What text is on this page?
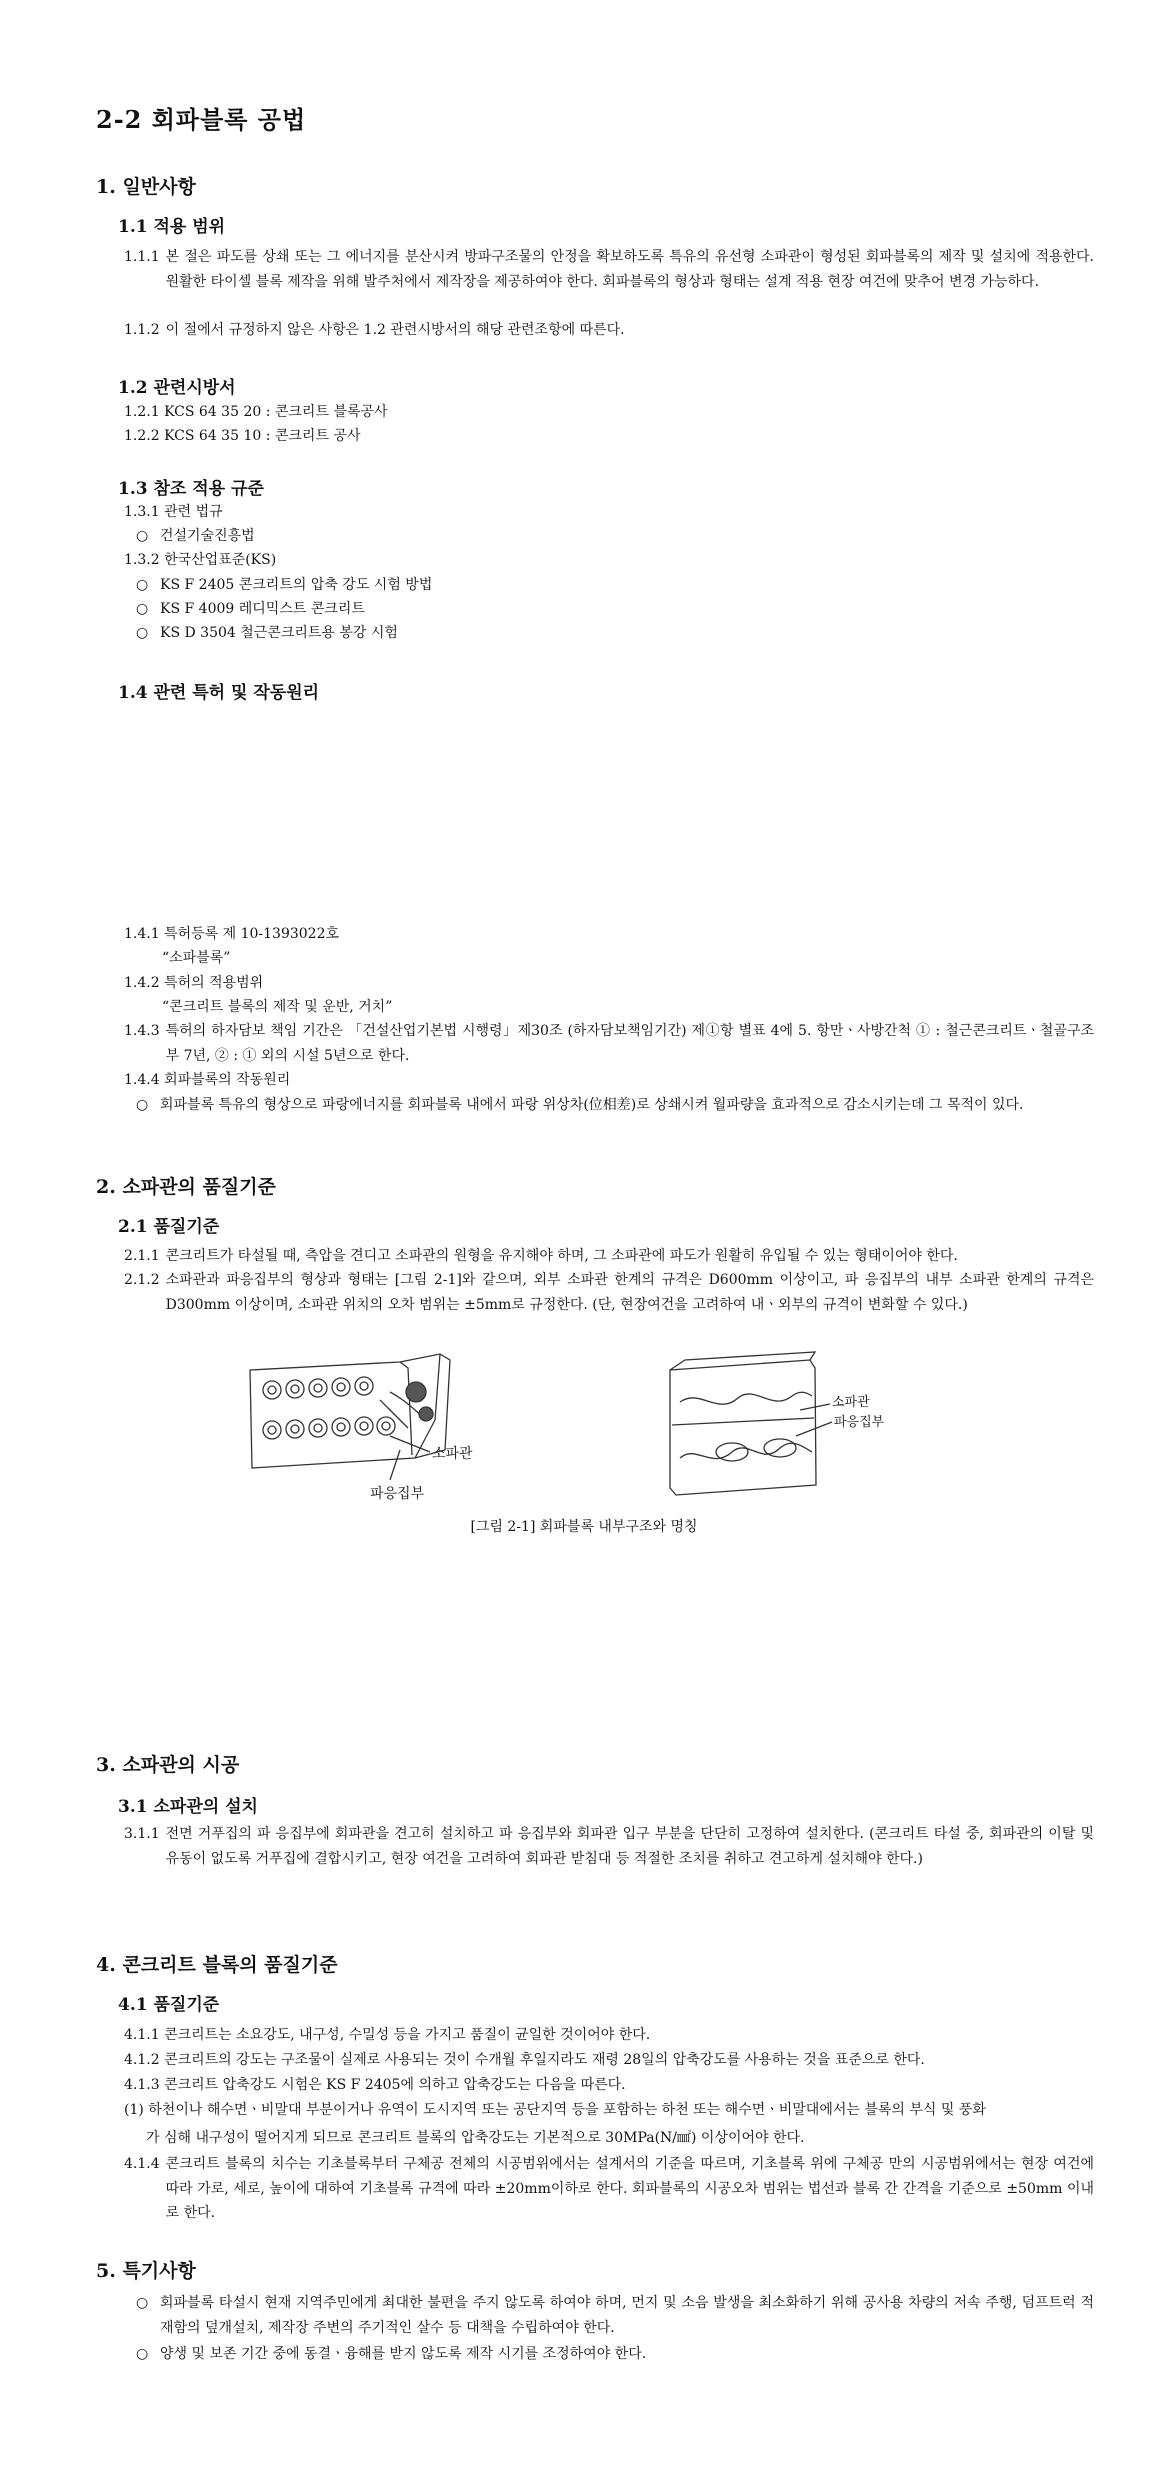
2-2 회파블록 공법
1. 일반사항
1.1 적용 범위
1.1.1 본 절은 파도를 상쇄 또는 그 에너지를 분산시켜 방파구조물의 안정을 확보하도록 특유의 유선형 소파관이 형성된 회파블록의 제작 및 설치에 적용한다. 원활한 타이셀 블록 제작을 위해 발주처에서 제작장을 제공하여야 한다. 회파블록의 형상과 형태는 설계 적용 현장 여건에 맞추어 변경 가능하다.
1.1.2 이 절에서 규정하지 않은 사항은 1.2 관련시방서의 해당 관련조항에 따른다.
1.2 관련시방서
1.2.1 KCS 64 35 20 : 콘크리트 블록공사
1.2.2 KCS 64 35 10 : 콘크리트 공사
1.3 참조 적용 규준
1.3.1 관련 법규
○ 건설기술진흥법
1.3.2 한국산업표준(KS)
○ KS F 2405 콘크리트의 압축 강도 시험 방법
○ KS F 4009 레디믹스트 콘크리트
○ KS D 3504 철근콘크리트용 봉강 시험
1.4 관련 특허 및 작동원리
1.4.1 특허등록 제 10-1393022호
“소파블록”
1.4.2 특허의 적용범위
“콘크리트 블록의 제작 및 운반, 거치”
1.4.3 특허의 하자담보 책임 기간은 「건설산업기본법 시행령」제30조 (하자담보책임기간) 제①항 별표 4에 5. 항만ㆍ사방간척 ① : 철근콘크리트ㆍ철골구조부 7년, ② : ① 외의 시설 5년으로 한다.
1.4.4 회파블록의 작동원리
○ 회파블록 특유의 형상으로 파랑에너지를 회파블록 내에서 파랑 위상차(位相差)로 상쇄시켜 월파량을 효과적으로 감소시키는데 그 목적이 있다.
2. 소파관의 품질기준
2.1 품질기준
2.1.1 콘크리트가 타설될 때, 측압을 견디고 소파관의 원형을 유지해야 하며, 그 소파관에 파도가 원활히 유입될 수 있는 형태이어야 한다.
2.1.2 소파관과 파응집부의 형상과 형태는 [그림 2-1]와 같으며, 외부 소파관 한계의 규격은 D600mm 이상이고, 파 응집부의 내부 소파관 한계의 규격은 D300mm 이상이며, 소파관 위치의 오차 범위는 ±5mm로 규정한다. (단, 현장여건을 고려하여 내ㆍ외부의 규격이 변화할 수 있다.)
소파관
파응집부
소파관
파응집부
[그림 2-1] 회파블록 내부구조와 명칭
3. 소파관의 시공
3.1 소파관의 설치
3.1.1 전면 거푸집의 파 응집부에 회파관을 견고히 설치하고 파 응집부와 회파관 입구 부분을 단단히 고정하여 설치한다. (콘크리트 타설 중, 회파관의 이탈 및 유동이 없도록 거푸집에 결합시키고, 현장 여건을 고려하여 회파관 받침대 등 적절한 조치를 취하고 견고하게 설치해야 한다.)
4. 콘크리트 블록의 품질기준
4.1 품질기준
4.1.1 콘크리트는 소요강도, 내구성, 수밀성 등을 가지고 품질이 균일한 것이어야 한다.
4.1.2 콘크리트의 강도는 구조물이 실제로 사용되는 것이 수개월 후일지라도 재령 28일의 압축강도를 사용하는 것을 표준으로 한다.
4.1.3 콘크리트 압축강도 시험은 KS F 2405에 의하고 압축강도는 다음을 따른다.
(1) 하천이나 해수면ㆍ비말대 부분이거나 유역이 도시지역 또는 공단지역 등을 포함하는 하천 또는 해수면ㆍ비말대에서는 블록의 부식 및 풍화
가 심해 내구성이 떨어지게 되므로 콘크리트 블록의 압축강도는 기본적으로 30MPa(N/㎟) 이상이어야 한다.
4.1.4 콘크리트 블록의 치수는 기초블록부터 구체공 전체의 시공범위에서는 설계서의 기준을 따르며, 기초블록 위에 구체공 만의 시공범위에서는 현장 여건에 따라 가로, 세로, 높이에 대하여 기초블록 규격에 따라 ±20mm이하로 한다. 회파블록의 시공오차 범위는 법선과 블록 간 간격을 기준으로 ±50mm 이내로 한다.
5. 특기사항
○ 회파블록 타설시 현재 지역주민에게 최대한 불편을 주지 않도록 하여야 하며, 먼지 및 소음 발생을 최소화하기 위해 공사용 차량의 저속 주행, 덤프트럭 적재함의 덮개설치, 제작장 주변의 주기적인 살수 등 대책을 수립하여야 한다.
○ 양생 및 보존 기간 중에 동결ㆍ융해를 받지 않도록 제작 시기를 조정하여야 한다.
